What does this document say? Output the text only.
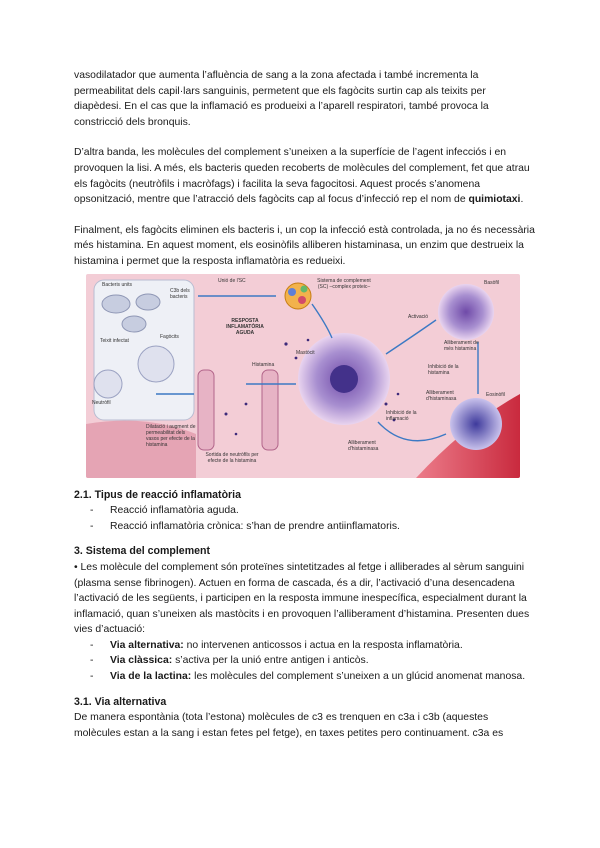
vasodilatador que aumenta l’afluència de sang a la zona afectada i també incrementa la permeabilitat dels capil·lars sanguinis, permetent que els fagòcits surtin cap als teixits per diapèdesi. En el cas que la inflamació es produeixi a l’aparell respiratori, també provoca la constricció dels bronquis.

D’altra banda, les molècules del complement s’uneixen a la superfície de l’agent infecciós i en provoquen la lisi. A més, els bacteris queden recoberts de molècules del complement, fet que atrau els fagòcits (neutròfils i macròfags) i facilita la seva fagocitosi. Aquest procés s’anomena opsonització, mentre que l’atracció dels fagòcits cap al focus d’infecció rep el nom de quimiotaxi.

Finalment, els fagòcits eliminen els bacteris i, un cop la infecció està controlada, ja no és necessària més histamina. En aquest moment, els eosinòfils alliberen histaminasa, un enzim que destrueix la histamina i permet que la resposta inflamatòria es redueixi.

Bacteris units
C3b dels bacteris
Teixit infectat
Fagòcits
Neutròfil
Unió de l'SC	Sistema de complement (SC) –complex proteic–
RESPOSTA INFLAMATÒRIA AGUDA
Mastòcit
Activació
Basòfil
Alliberament de més histamina
Histamina
Sortida de neutròfils per efecte de la histamina
Dilatació i augment de permeabilitat dels vasos per efecte de la histamina
Inhibició de la inflamació
Alliberament d'histaminasa
Alliberament d'histaminasa
Inhibició de la histamina
Eosinòfil
2.1. Tipus de reacció inflamatòria
- Reacció inflamatòria aguda.
- Reacció inflamatòria crònica: s’han de prendre antiinflamatoris.
3. Sistema del complement

• Les molècule del complement són proteïnes sintetitzades al fetge i alliberades al sèrum sanguini (plasma sense fibrinogen). Actuen en forma de cascada, és a dir, l’activació d’una desencadena l’activació de les següents, i participen en la resposta immune inespecífica, especialment durant la inflamació, quan s’uneixen als mastòcits i en provoquen l’alliberament d’histamina. Presenten dues vies d’actuació:

- Via alternativa: no intervenen anticossos i actua en la resposta inflamatòria.
- Via clàssica: s’activa per la unió entre antigen i anticòs.
- Via de la lactina: les molècules del complement s’uneixen a un glúcid anomenat manosa.
3.1. Via alternativa

De manera espontània (tota l’estona) molècules de c3 es trenquen en c3a i c3b (aquestes molècules estan a la sang i estan fetes pel fetge), en taxes petites pero continuament. c3a es
